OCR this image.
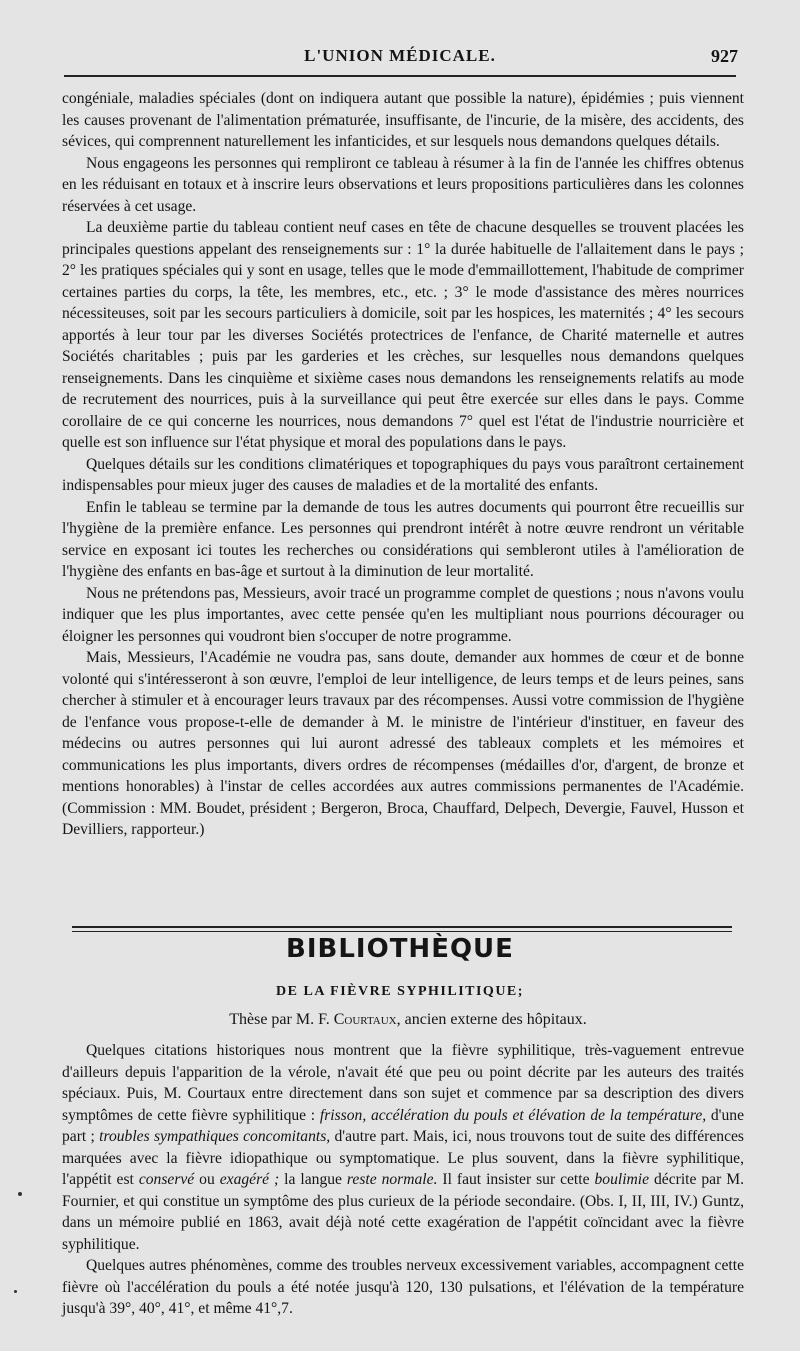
L'UNION MÉDICALE.	927

congéniale, maladies spéciales (dont on indiquera autant que possible la nature), épidémies ; puis viennent les causes provenant de l'alimentation prématurée, insuffisante, de l'incurie, de la misère, des accidents, des sévices, qui comprennent naturellement les infanticides, et sur lesquels nous demandons quelques détails.

Nous engageons les personnes qui rempliront ce tableau à résumer à la fin de l'année les chiffres obtenus en les réduisant en totaux et à inscrire leurs observations et leurs propositions particulières dans les colonnes réservées à cet usage.

La deuxième partie du tableau contient neuf cases en tête de chacune desquelles se trouvent placées les principales questions appelant des renseignements sur : 1° la durée habituelle de l'allaitement dans le pays ; 2° les pratiques spéciales qui y sont en usage, telles que le mode d'emmaillottement, l'habitude de comprimer certaines parties du corps, la tête, les membres, etc., etc. ; 3° le mode d'assistance des mères nourrices nécessiteuses, soit par les secours particuliers à domicile, soit par les hospices, les maternités ; 4° les secours apportés à leur tour par les diverses Sociétés protectrices de l'enfance, de Charité maternelle et autres Sociétés charitables ; puis par les garderies et les crèches, sur lesquelles nous demandons quelques renseignements. Dans les cinquième et sixième cases nous demandons les renseignements relatifs au mode de recrutement des nourrices, puis à la surveillance qui peut être exercée sur elles dans le pays. Comme corollaire de ce qui concerne les nourrices, nous demandons 7° quel est l'état de l'industrie nourricière et quelle est son influence sur l'état physique et moral des populations dans le pays.

Quelques détails sur les conditions climatériques et topographiques du pays vous paraîtront certainement indispensables pour mieux juger des causes de maladies et de la mortalité des enfants.

Enfin le tableau se termine par la demande de tous les autres documents qui pourront être recueillis sur l'hygiène de la première enfance. Les personnes qui prendront intérêt à notre œuvre rendront un véritable service en exposant ici toutes les recherches ou considérations qui sembleront utiles à l'amélioration de l'hygiène des enfants en bas-âge et surtout à la diminution de leur mortalité.

Nous ne prétendons pas, Messieurs, avoir tracé un programme complet de questions ; nous n'avons voulu indiquer que les plus importantes, avec cette pensée qu'en les multipliant nous pourrions décourager ou éloigner les personnes qui voudront bien s'occuper de notre programme.

Mais, Messieurs, l'Académie ne voudra pas, sans doute, demander aux hommes de cœur et de bonne volonté qui s'intéresseront à son œuvre, l'emploi de leur intelligence, de leurs temps et de leurs peines, sans chercher à stimuler et à encourager leurs travaux par des récompenses. Aussi votre commission de l'hygiène de l'enfance vous propose-t-elle de demander à M. le ministre de l'intérieur d'instituer, en faveur des médecins ou autres personnes qui lui auront adressé des tableaux complets et les mémoires et communications les plus importants, divers ordres de récompenses (médailles d'or, d'argent, de bronze et mentions honorables) à l'instar de celles accordées aux autres commissions permanentes de l'Académie. (Commission : MM. Boudet, président ; Bergeron, Broca, Chauffard, Delpech, Devergie, Fauvel, Husson et Devilliers, rapporteur.)

BIBLIOTHÈQUE
DE LA FIÈVRE SYPHILITIQUE;
Thèse par M. F. Courtaux, ancien externe des hôpitaux.

Quelques citations historiques nous montrent que la fièvre syphilitique, très-vaguement entrevue d'ailleurs depuis l'apparition de la vérole, n'avait été que peu ou point décrite par les auteurs des traités spéciaux. Puis, M. Courtaux entre directement dans son sujet et commence par sa description des divers symptômes de cette fièvre syphilitique : frisson, accélération du pouls et élévation de la température, d'une part ; troubles sympathiques concomitants, d'autre part. Mais, ici, nous trouvons tout de suite des différences marquées avec la fièvre idiopathique ou symptomatique. Le plus souvent, dans la fièvre syphilitique, l'appétit est conservé ou exagéré ; la langue reste normale. Il faut insister sur cette boulimie décrite par M. Fournier, et qui constitue un symptôme des plus curieux de la période secondaire. (Obs. I, II, III, IV.) Guntz, dans un mémoire publié en 1863, avait déjà noté cette exagération de l'appétit coïncidant avec la fièvre syphilitique.

Quelques autres phénomènes, comme des troubles nerveux excessivement variables, accompagnent cette fièvre où l'accélération du pouls a été notée jusqu'à 120, 130 pulsations, et l'élévation de la température jusqu'à 39°, 40°, 41°, et même 41°,7.
